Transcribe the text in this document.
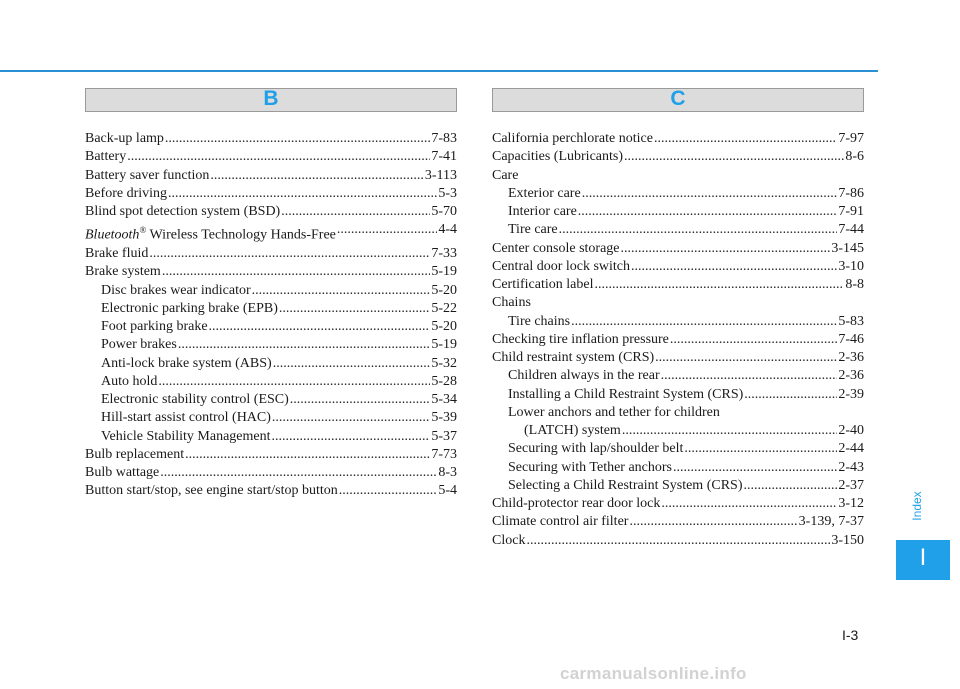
B
Back-up lamp .....	7-83
Battery .....	7-41
Battery saver function .....	3-113
Before driving .....	5-3
Blind spot detection system (BSD) .....	5-70
Bluetooth® Wireless Technology Hands-Free .....	4-4
Brake fluid .....	7-33
Brake system .....	5-19
Disc brakes wear indicator .....	5-20
Electronic parking brake (EPB) .....	5-22
Foot parking brake .....	5-20
Power brakes .....	5-19
Anti-lock brake system (ABS) .....	5-32
Auto hold .....	5-28
Electronic stability control (ESC) .....	5-34
Hill-start assist control (HAC) .....	5-39
Vehicle Stability Management .....	5-37
Bulb replacement .....	7-73
Bulb wattage .....	8-3
Button start/stop, see engine start/stop button .....	5-4
C
California perchlorate notice .....	7-97
Capacities (Lubricants) .....	8-6
Care
Exterior care .....	7-86
Interior care .....	7-91
Tire care .....	7-44
Center console storage .....	3-145
Central door lock switch .....	3-10
Certification label .....	8-8
Chains
Tire chains .....	5-83
Checking tire inflation pressure .....	7-46
Child restraint system (CRS) .....	2-36
Children always in the rear .....	2-36
Installing a Child Restraint System (CRS) .....	2-39
Lower anchors and tether for children
(LATCH) system .....	2-40
Securing with lap/shoulder belt .....	2-44
Securing with Tether anchors .....	2-43
Selecting a Child Restraint System (CRS) .....	2-37
Child-protector rear door lock .....	3-12
Climate control air filter .....	3-139, 7-37
Clock .....	3-150
Index
I
I-3
carmanualsonline.info
